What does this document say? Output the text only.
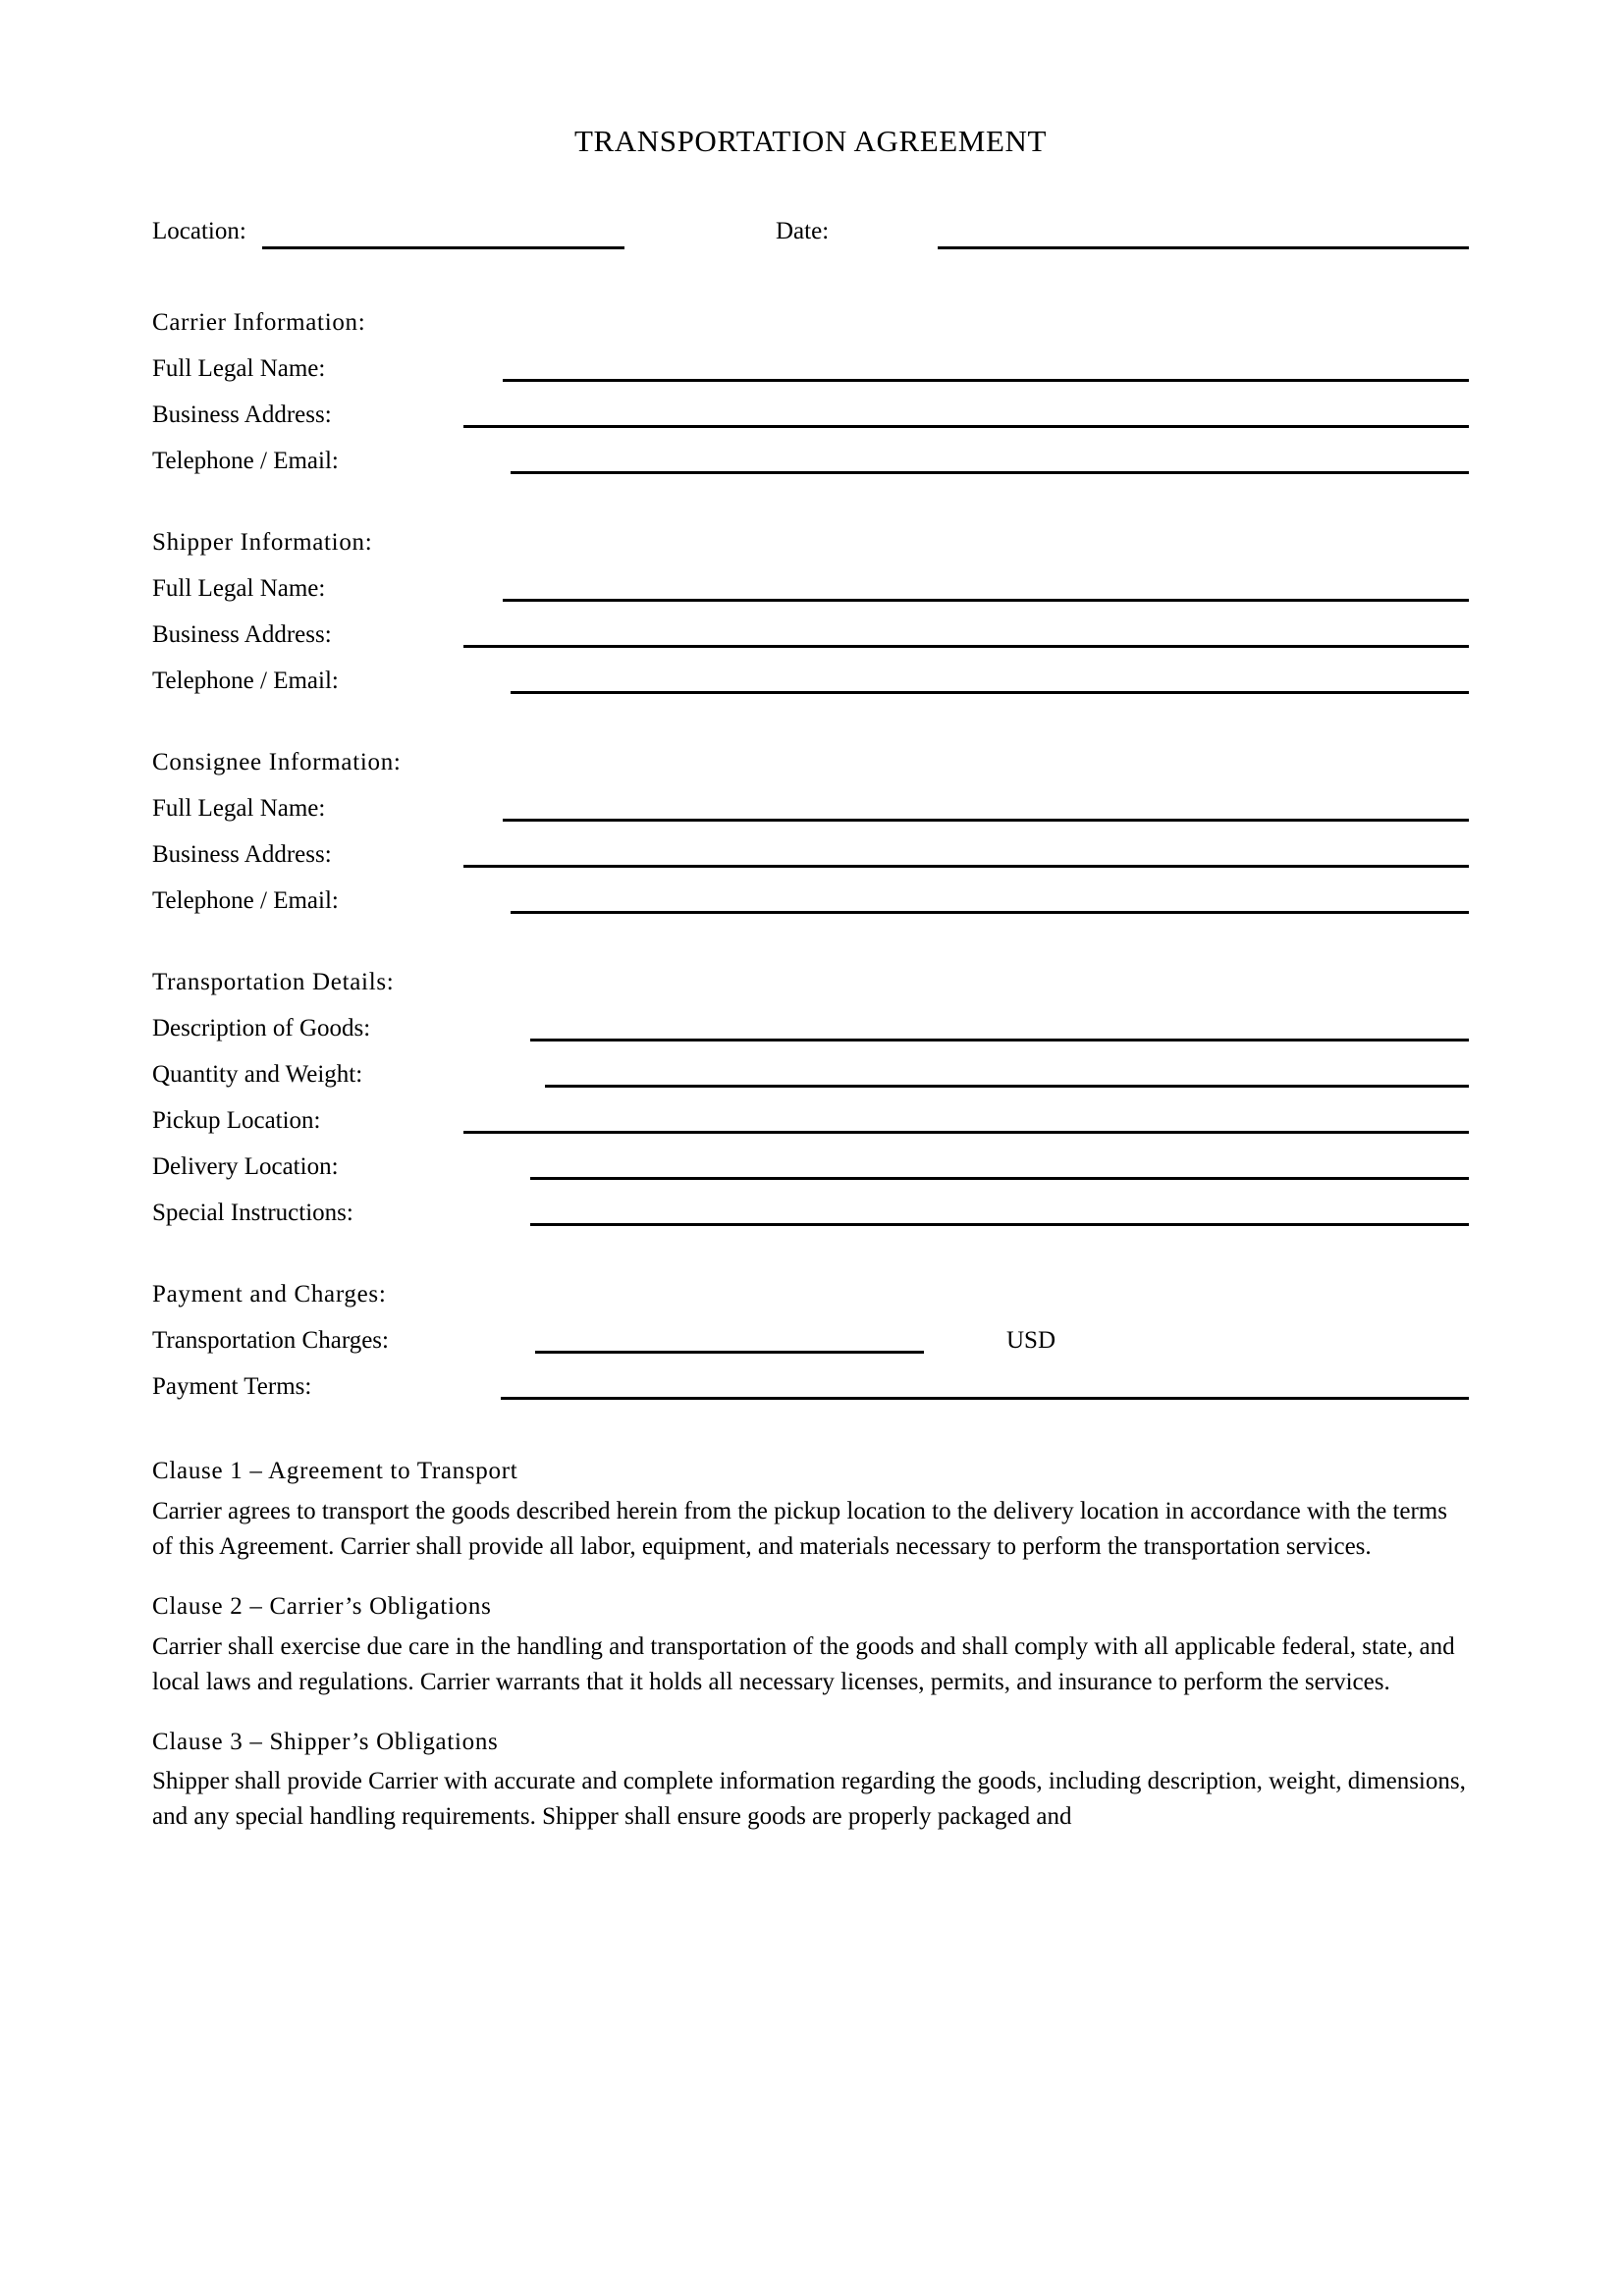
TRANSPORTATION AGREEMENT
Location:	Date:
Carrier Information:
Full Legal Name:
Business Address:
Telephone / Email:
Shipper Information:
Full Legal Name:
Business Address:
Telephone / Email:
Consignee Information:
Full Legal Name:
Business Address:
Telephone / Email:
Transportation Details:
Description of Goods:
Quantity and Weight:
Pickup Location:
Delivery Location:
Special Instructions:
Payment and Charges:
Transportation Charges:	USD
Payment Terms:
Clause 1 – Agreement to Transport
Carrier agrees to transport the goods described herein from the pickup location to the delivery location in accordance with the terms of this Agreement. Carrier shall provide all labor, equipment, and materials necessary to perform the transportation services.
Clause 2 – Carrier’s Obligations
Carrier shall exercise due care in the handling and transportation of the goods and shall comply with all applicable federal, state, and local laws and regulations. Carrier warrants that it holds all necessary licenses, permits, and insurance to perform the services.
Clause 3 – Shipper’s Obligations
Shipper shall provide Carrier with accurate and complete information regarding the goods, including description, weight, dimensions, and any special handling requirements. Shipper shall ensure goods are properly packaged and
